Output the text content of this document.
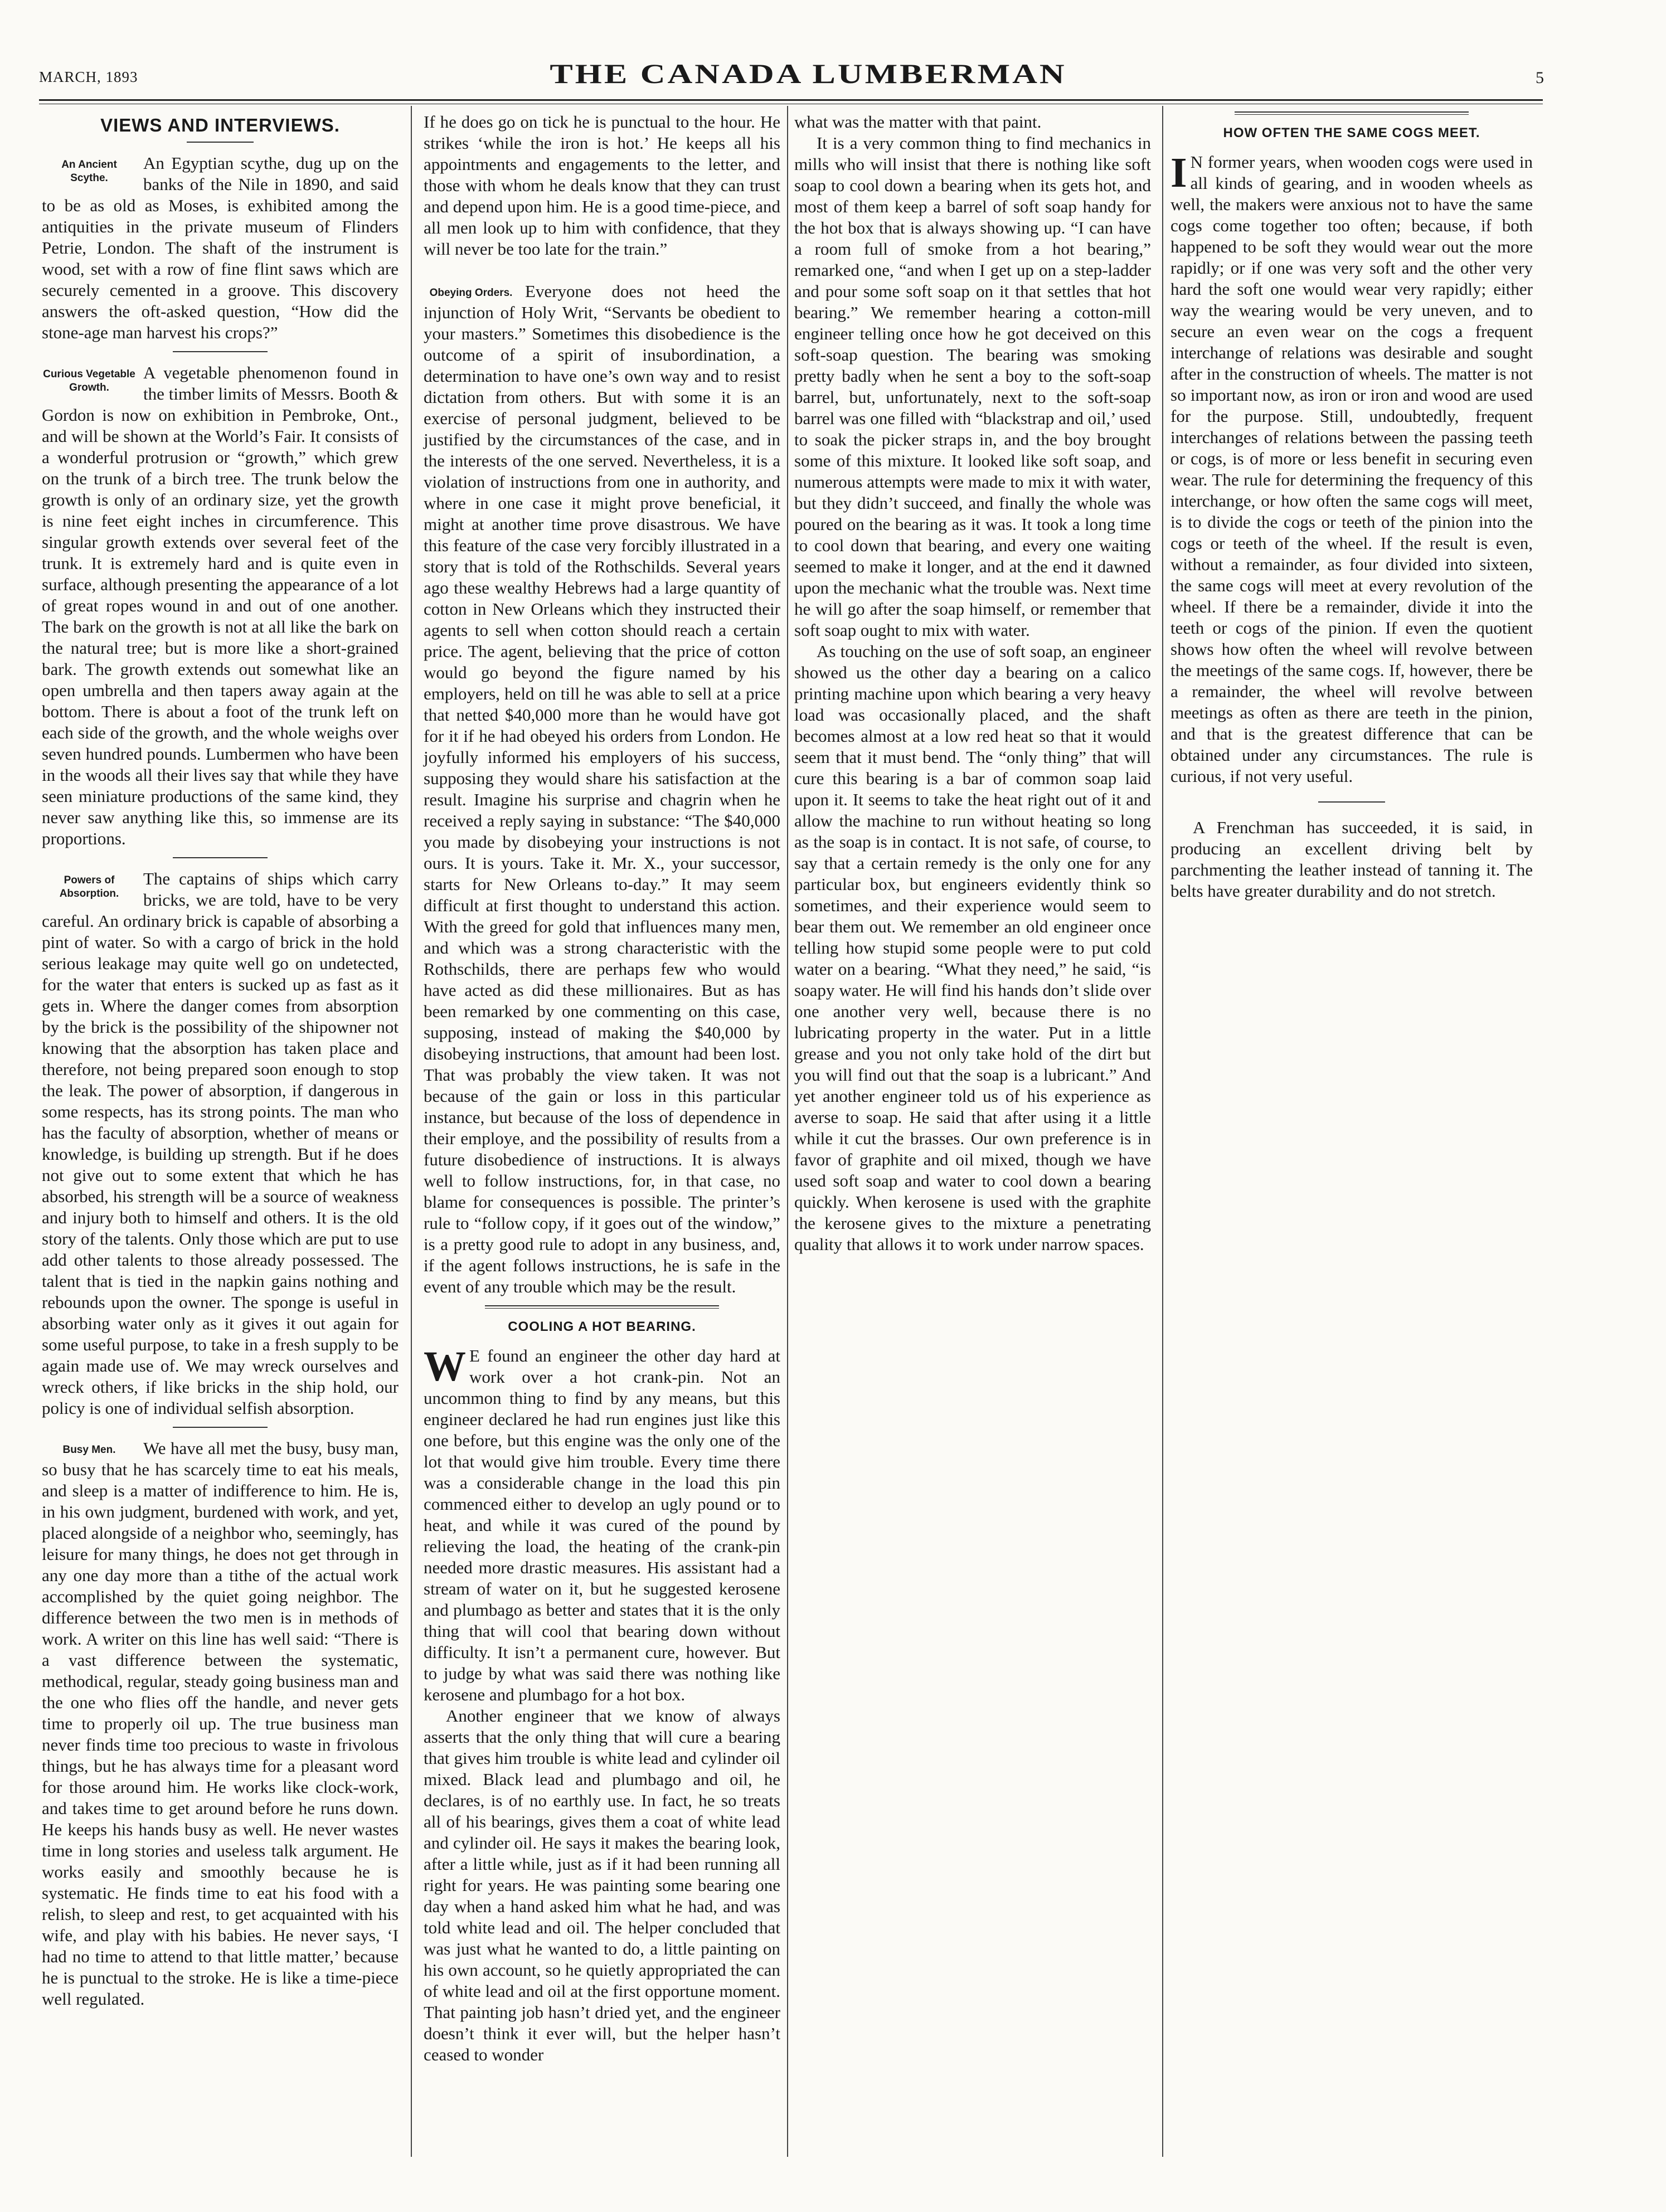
MARCH, 1893	THE CANADA LUMBERMAN	5
VIEWS AND INTERVIEWS.
An Ancient Scythe.

An Egyptian scythe, dug up on the banks of the Nile in 1890, and said to be as old as Moses, is exhibited among the antiquities in the private museum of Flinders Petrie, London. The shaft of the instrument is wood, set with a row of fine flint saws which are securely cemented in a groove. This discovery answers the oft-asked question, “How did the stone-age man harvest his crops?”

Curious Vegetable Growth.

A vegetable phenomenon found in the timber limits of Messrs. Booth & Gordon is now on exhibition in Pembroke, Ont., and will be shown at the World’s Fair. It consists of a wonderful protrusion or “growth,” which grew on the trunk of a birch tree. The trunk below the growth is only of an ordinary size, yet the growth is nine feet eight inches in circumference. This singular growth extends over several feet of the trunk. It is extremely hard and is quite even in surface, although presenting the appearance of a lot of great ropes wound in and out of one another. The bark on the growth is not at all like the bark on the natural tree; but is more like a short-grained bark. The growth extends out somewhat like an open umbrella and then tapers away again at the bottom. There is about a foot of the trunk left on each side of the growth, and the whole weighs over seven hundred pounds. Lumbermen who have been in the woods all their lives say that while they have seen miniature productions of the same kind, they never saw anything like this, so immense are its proportions.

Powers of Absorption.

The captains of ships which carry bricks, we are told, have to be very careful. An ordinary brick is capable of absorbing a pint of water. So with a cargo of brick in the hold serious leakage may quite well go on undetected, for the water that enters is sucked up as fast as it gets in. Where the danger comes from absorption by the brick is the possibility of the shipowner not knowing that the absorption has taken place and therefore, not being prepared soon enough to stop the leak. The power of absorption, if dangerous in some respects, has its strong points. The man who has the faculty of absorption, whether of means or knowledge, is building up strength. But if he does not give out to some extent that which he has absorbed, his strength will be a source of weakness and injury both to himself and others. It is the old story of the talents. Only those which are put to use add other talents to those already possessed. The talent that is tied in the napkin gains nothing and rebounds upon the owner. The sponge is useful in absorbing water only as it gives it out again for some useful purpose, to take in a fresh supply to be again made use of. We may wreck ourselves and wreck others, if like bricks in the ship hold, our policy is one of individual selfish absorption.

Busy Men.	We have all met the busy, busy man, so busy that he has scarcely time to eat his meals, and sleep is a matter of indifference to him. He is, in his own judgment, burdened with work, and yet, placed alongside of a neighbor who, seemingly, has leisure for many things, he does not get through in any one day more than a tithe of the actual work accomplished by the quiet going neighbor. The difference between the two men is in methods of work. A writer on this line has well said: “There is a vast difference between the systematic, methodical, regular, steady going business man and the one who flies off the handle, and never gets time to properly oil up. The true business man never finds time too precious to waste in frivolous things, but he has always time for a pleasant word for those around him. He works like clock-work, and takes time to get around before he runs down. He keeps his hands busy as well. He never wastes time in long stories and useless talk argument. He works easily and smoothly because he is systematic. He finds time to eat his food with a relish, to sleep and rest, to get acquainted with his wife, and play with his babies. He never says, ‘I had no time to attend to that little matter,’ because he is punctual to the stroke. He is like a time-piece well regulated.

If he does go on tick he is punctual to the hour. He strikes ‘while the iron is hot.’ He keeps all his appointments and engagements to the letter, and those with whom he deals know that they can trust and depend upon him. He is a good time-piece, and all men look up to him with confidence, that they will never be too late for the train.”

Obeying Orders. Everyone does not heed the injunction of Holy Writ, “Servants be obedient to your masters.” Sometimes this disobedience is the outcome of a spirit of insubordination, a determination to have one’s own way and to resist dictation from others. But with some it is an exercise of personal judgment, believed to be justified by the circumstances of the case, and in the interests of the one served. Nevertheless, it is a violation of instructions from one in authority, and where in one case it might prove beneficial, it might at another time prove disastrous. We have this feature of the case very forcibly illustrated in a story that is told of the Rothschilds. Several years ago these wealthy Hebrews had a large quantity of cotton in New Orleans which they instructed their agents to sell when cotton should reach a certain price. The agent, believing that the price of cotton would go beyond the figure named by his employers, held on till he was able to sell at a price that netted $40,000 more than he would have got for it if he had obeyed his orders from London. He joyfully informed his employers of his success, supposing they would share his satisfaction at the result. Imagine his surprise and chagrin when he received a reply saying in substance: “The $40,000 you made by disobeying your instructions is not ours. It is yours. Take it. Mr. X., your successor, starts for New Orleans to-day.” It may seem difficult at first thought to understand this action. With the greed for gold that influences many men, and which was a strong characteristic with the Rothschilds, there are perhaps few who would have acted as did these millionaires. But as has been remarked by one commenting on this case, supposing, instead of making the $40,000 by disobeying instructions, that amount had been lost. That was probably the view taken. It was not because of the gain or loss in this particular instance, but because of the loss of dependence in their employe, and the possibility of results from a future disobedience of instructions. It is always well to follow instructions, for, in that case, no blame for consequences is possible. The printer’s rule to “follow copy, if it goes out of the window,” is a pretty good rule to adopt in any business, and, if the agent follows instructions, he is safe in the event of any trouble which may be the result.

COOLING A HOT BEARING.
W E found an engineer the other day hard at work over a hot crank-pin. Not an uncommon thing to find by any means, but this engineer declared he had run engines just like this one before, but this engine was the only one of the lot that would give him trouble. Every time there was a considerable change in the load this pin commenced either to develop an ugly pound or to heat, and while it was cured of the pound by relieving the load, the heating of the crank-pin needed more drastic measures. His assistant had a stream of water on it, but he suggested kerosene and plumbago as better and states that it is the only thing that will cool that bearing down without difficulty. It isn’t a permanent cure, however. But to judge by what was said there was nothing like kerosene and plumbago for a hot box.

Another engineer that we know of always asserts that the only thing that will cure a bearing that gives him trouble is white lead and cylinder oil mixed. Black lead and plumbago and oil, he declares, is of no earthly use. In fact, he so treats all of his bearings, gives them a coat of white lead and cylinder oil. He says it makes the bearing look, after a little while, just as if it had been running all right for years. He was painting some bearing one day when a hand asked him what he had, and was told white lead and oil. The helper concluded that was just what he wanted to do, a little painting on his own account, so he quietly appropriated the can of white lead and oil at the first opportune moment. That painting job hasn’t dried yet, and the engineer doesn’t think it ever will, but the helper hasn’t ceased to wonder

what was the matter with that paint.

It is a very common thing to find mechanics in mills who will insist that there is nothing like soft soap to cool down a bearing when its gets hot, and most of them keep a barrel of soft soap handy for the hot box that is always showing up. “I can have a room full of smoke from a hot bearing,” remarked one, “and when I get up on a step-ladder and pour some soft soap on it that settles that hot bearing.” We remember hearing a cotton-mill engineer telling once how he got deceived on this soft-soap question. The bearing was smoking pretty badly when he sent a boy to the soft-soap barrel, but, unfortunately, next to the soft-soap barrel was one filled with “blackstrap and oil,’ used to soak the picker straps in, and the boy brought some of this mixture. It looked like soft soap, and numerous attempts were made to mix it with water, but they didn’t succeed, and finally the whole was poured on the bearing as it was. It took a long time to cool down that bearing, and every one waiting seemed to make it longer, and at the end it dawned upon the mechanic what the trouble was. Next time he will go after the soap himself, or remember that soft soap ought to mix with water.

As touching on the use of soft soap, an engineer showed us the other day a bearing on a calico printing machine upon which bearing a very heavy load was occasionally placed, and the shaft becomes almost at a low red heat so that it would seem that it must bend. The “only thing” that will cure this bearing is a bar of common soap laid upon it. It seems to take the heat right out of it and allow the machine to run without heating so long as the soap is in contact. It is not safe, of course, to say that a certain remedy is the only one for any particular box, but engineers evidently think so sometimes, and their experience would seem to bear them out. We remember an old engineer once telling how stupid some people were to put cold water on a bearing. “What they need,” he said, “is soapy water. He will find his hands don’t slide over one another very well, because there is no lubricating property in the water. Put in a little grease and you not only take hold of the dirt but you will find out that the soap is a lubricant.” And yet another engineer told us of his experience as averse to soap. He said that after using it a little while it cut the brasses. Our own preference is in favor of graphite and oil mixed, though we have used soft soap and water to cool down a bearing quickly. When kerosene is used with the graphite the kerosene gives to the mixture a penetrating quality that allows it to work under narrow spaces.

HOW OFTEN THE SAME COGS MEET.
I N former years, when wooden cogs were used in all kinds of gearing, and in wooden wheels as well, the makers were anxious not to have the same cogs come together too often; because, if both happened to be soft they would wear out the more rapidly; or if one was very soft and the other very hard the soft one would wear very rapidly; either way the wearing would be very uneven, and to secure an even wear on the cogs a frequent interchange of relations was desirable and sought after in the construction of wheels. The matter is not so important now, as iron or iron and wood are used for the purpose. Still, undoubtedly, frequent interchanges of relations between the passing teeth or cogs, is of more or less benefit in securing even wear. The rule for determining the frequency of this interchange, or how often the same cogs will meet, is to divide the cogs or teeth of the pinion into the cogs or teeth of the wheel. If the result is even, without a remainder, as four divided into sixteen, the same cogs will meet at every revolution of the wheel. If there be a remainder, divide it into the teeth or cogs of the pinion. If even the quotient shows how often the wheel will revolve between the meetings of the same cogs. If, however, there be a remainder, the wheel will revolve between meetings as often as there are teeth in the pinion, and that is the greatest difference that can be obtained under any circumstances. The rule is curious, if not very useful.

A Frenchman has succeeded, it is said, in producing an excellent driving belt by parchmenting the leather instead of tanning it. The belts have greater durability and do not stretch.
